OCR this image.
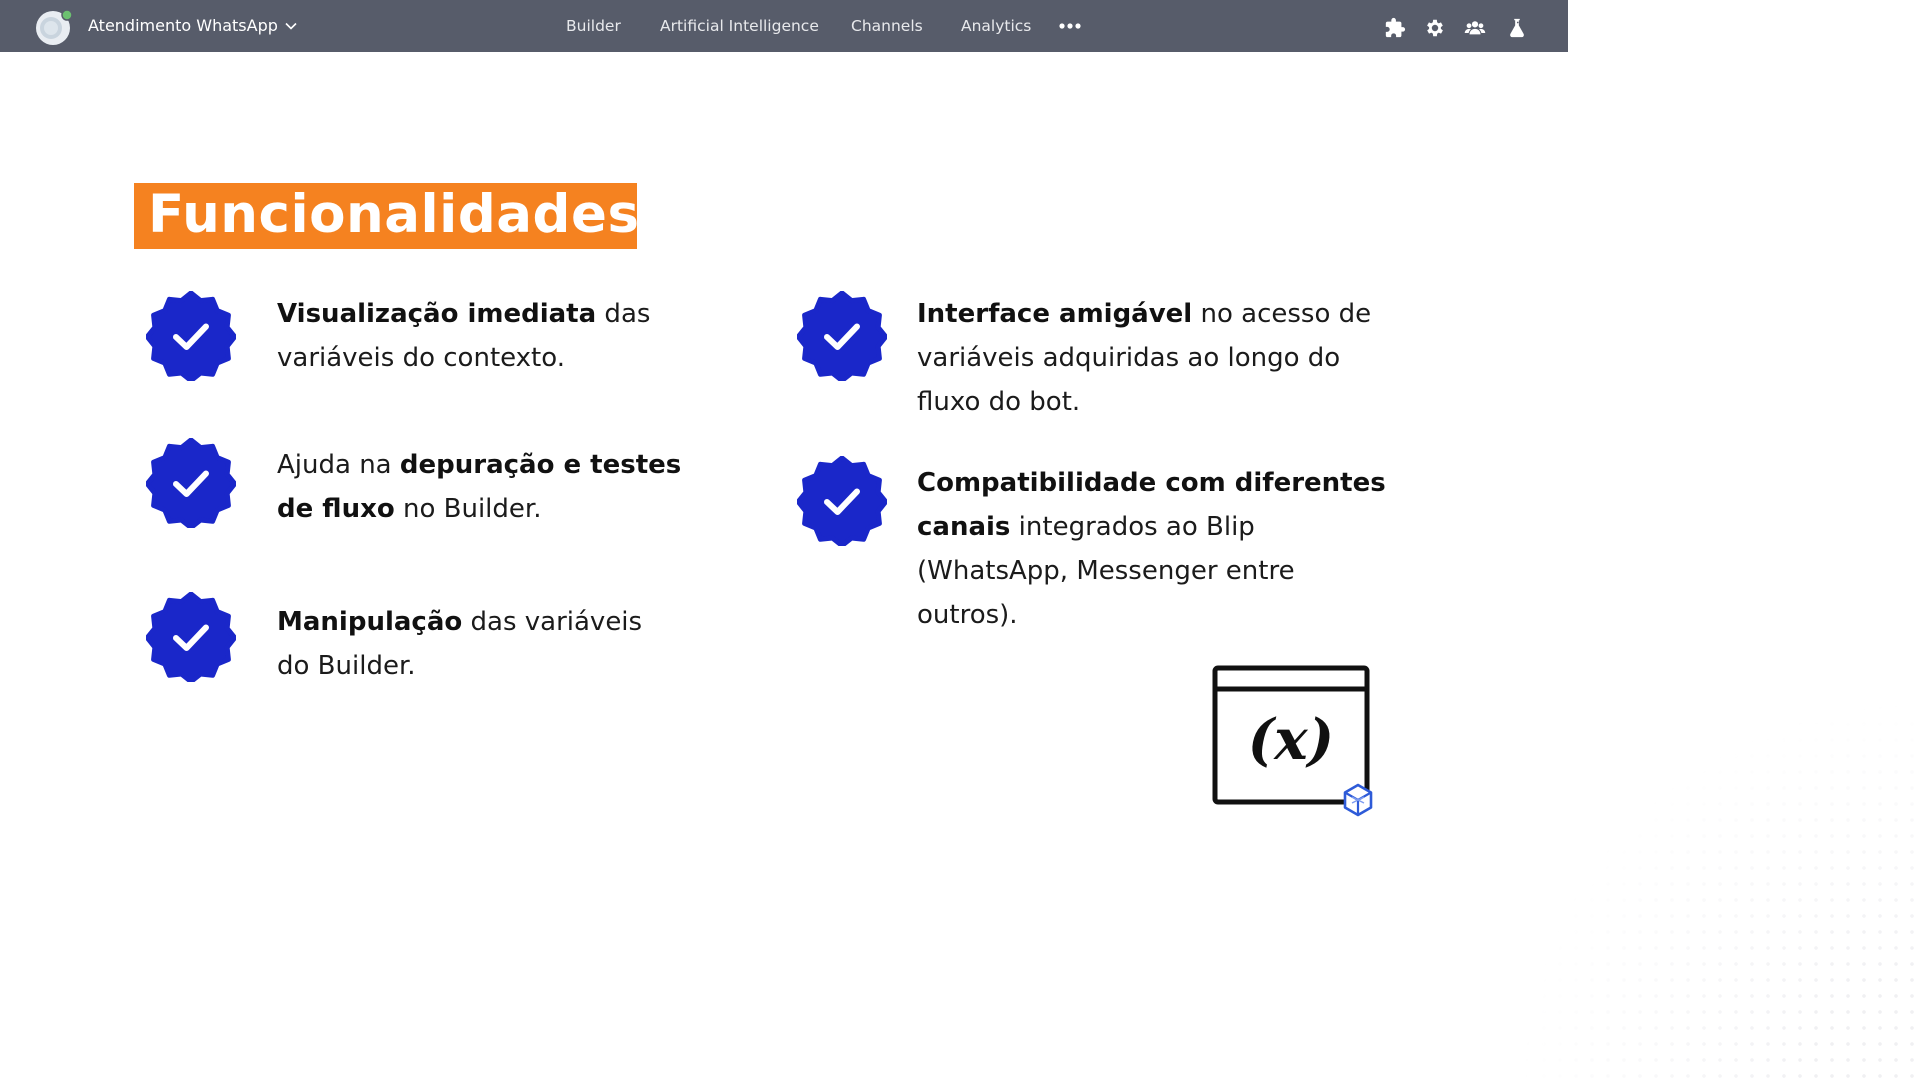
Atendimento WhatsApp	Builder	Artificial Intelligence Channels Analytics
Funcionalidades
Visualização imediata das
variáveis do contexto.
Ajuda na depuração e testes
de fluxo no Builder.
Manipulação das variáveis
do Builder.
Interface amigável no acesso de
variáveis adquiridas ao longo do
fluxo do bot.
Compatibilidade com diferentes
canais integrados ao Blip
(WhatsApp, Messenger entre
outros).
(x)
